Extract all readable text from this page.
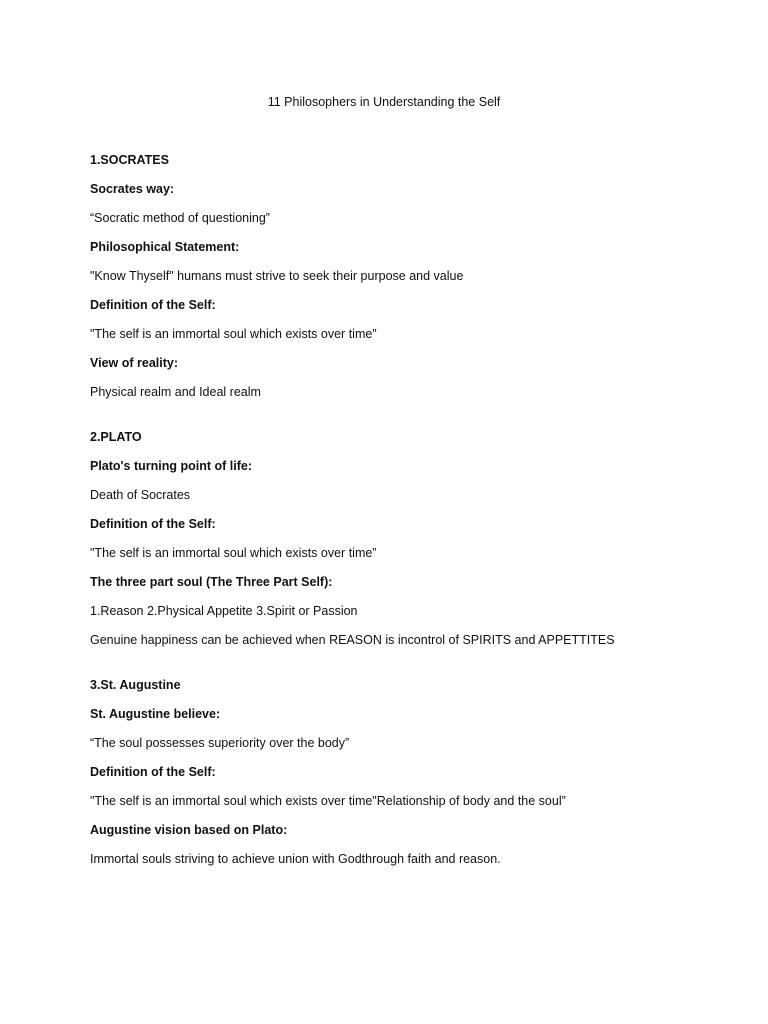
11 Philosophers in Understanding the Self
1.SOCRATES
Socrates way:
“Socratic method of questioning”
Philosophical Statement:
"Know Thyself" humans must strive to seek their purpose and value
Definition of the Self:
"The self is an immortal soul which exists over time"
View of reality:
Physical realm and Ideal realm
2.PLATO
Plato's turning point of life:
Death of Socrates
Definition of the Self:
"The self is an immortal soul which exists over time”
The three part soul (The Three Part Self):
1.Reason 2.Physical Appetite 3.Spirit or Passion
Genuine happiness can be achieved when REASON is incontrol of SPIRITS and APPETTITES
3.St. Augustine
St. Augustine believe:
“The soul possesses superiority over the body”
Definition of the Self:
"The self is an immortal soul which exists over time"Relationship of body and the soul”
Augustine vision based on Plato:
Immortal souls striving to achieve union with Godthrough faith and reason.
